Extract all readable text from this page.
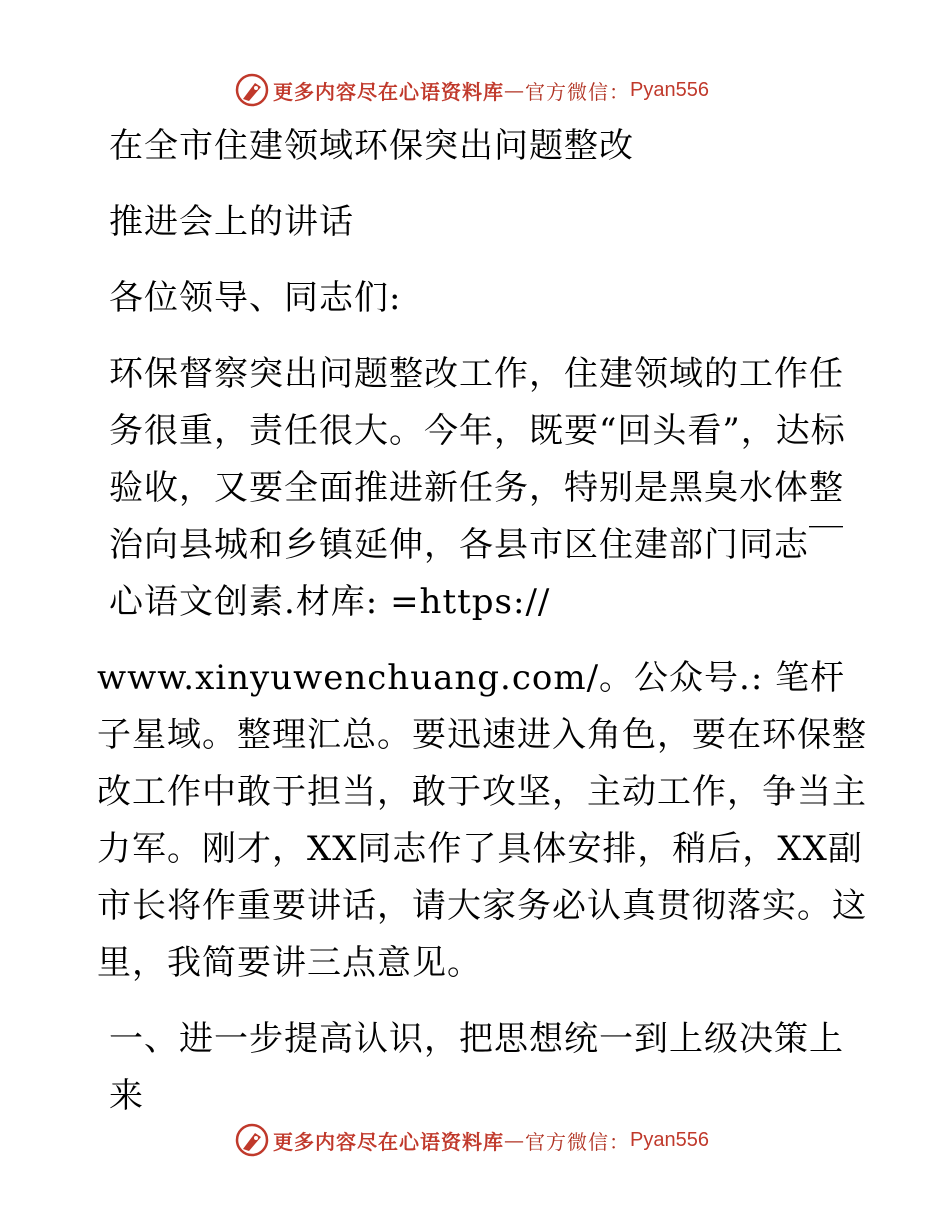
更多内容尽在心语资料库 — 官方微信： Pyan556

在全市住建领域环保突出问题整改

推进会上的讲话

各位领导、同志们:

环保督察突出问题整改工作，住建领域的工作任务很重，责任很大。今年，既要“回头看”，达标验收，又要全面推进新任务，特别是黑臭水体整治向县城和乡镇延伸，各县市区住建部门同志￣心语文创素.材库: =https://

www.xinyuwenchuang.com/。公众号.: 笔杆子星域。整理汇总。要迅速进入角色，要在环保整改工作中敢于担当，敢于攻坚，主动工作，争当主力军。刚才，XX同志作了具体安排，稍后，XX副市长将作重要讲话，请大家务必认真贯彻落实。这里，我简要讲三点意见。

一、进一步提高认识，把思想统一到上级决策上来

更多内容尽在心语资料库 — 官方微信： Pyan556
